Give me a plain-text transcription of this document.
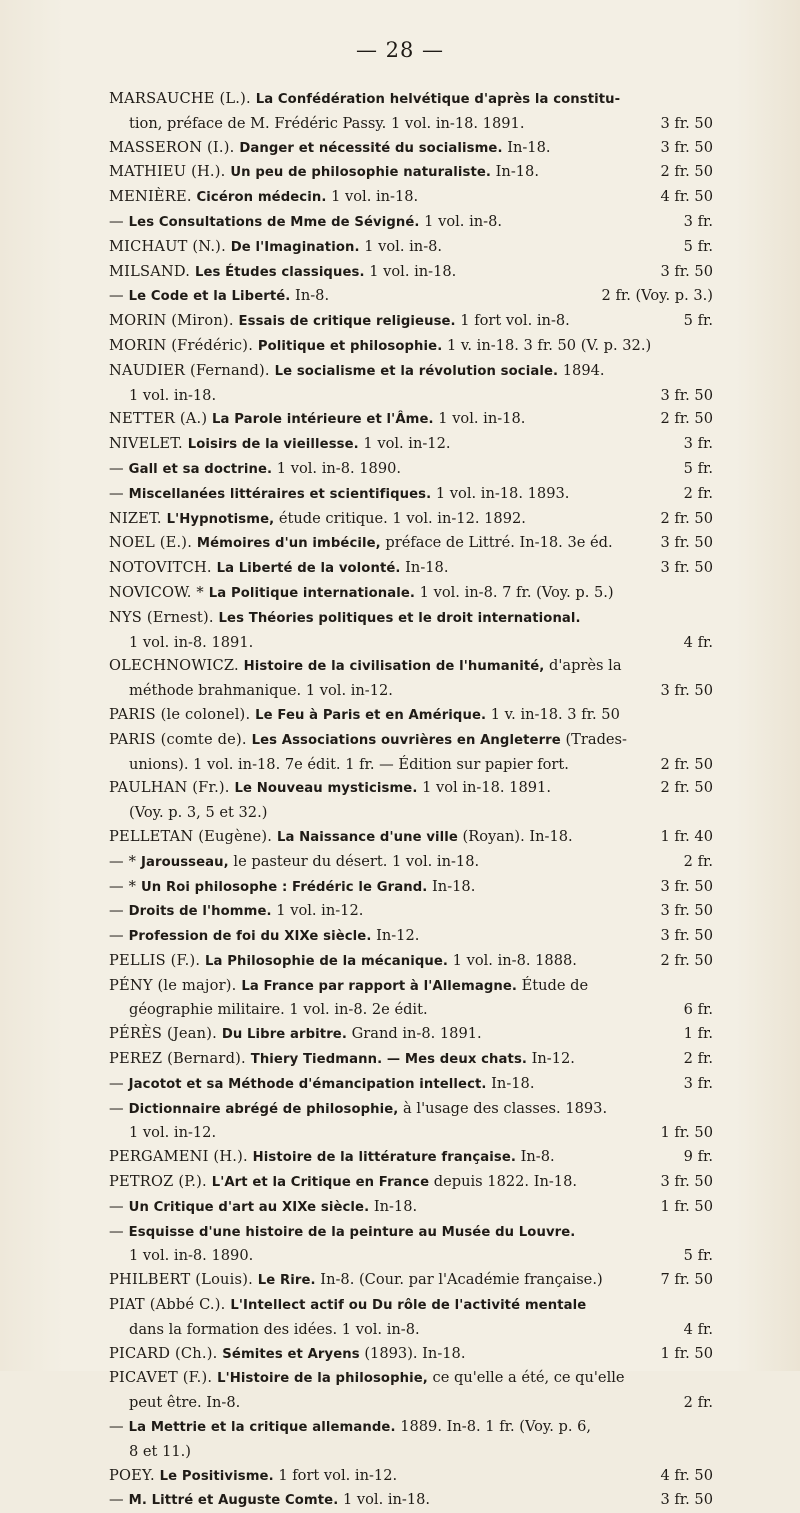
— 28 —
MARSAUCHE (L.). La Confédération helvétique d'après la constitu-
tion, préface de M. Frédéric Passy. 1 vol. in-18. 1891.	3 fr. 50
MASSERON (I.). Danger et nécessité du socialisme. In-18.	3 fr. 50
MATHIEU (H.). Un peu de philosophie naturaliste. In-18.	2 fr. 50
MENIÈRE. Cicéron médecin. 1 vol. in-18.	4 fr. 50
— Les Consultations de Mme de Sévigné. 1 vol. in-8.	3 fr.
MICHAUT (N.). De l'Imagination. 1 vol. in-8.	5 fr.
MILSAND. Les Études classiques. 1 vol. in-18.	3 fr. 50
— Le Code et la Liberté. In-8.	2 fr. (Voy. p. 3.)
MORIN (Miron). Essais de critique religieuse. 1 fort vol. in-8.	5 fr.
MORIN (Frédéric). Politique et philosophie. 1 v. in-18. 3 fr. 50 (V. p. 32.)
NAUDIER (Fernand). Le socialisme et la révolution sociale. 1894.
1 vol. in-18.	3 fr. 50
NETTER (A.) La Parole intérieure et l'Âme. 1 vol. in-18.	2 fr. 50
NIVELET. Loisirs de la vieillesse. 1 vol. in-12.	3 fr.
— Gall et sa doctrine. 1 vol. in-8. 1890.	5 fr.
— Miscellanées littéraires et scientifiques. 1 vol. in-18. 1893.	2 fr.
NIZET. L'Hypnotisme, étude critique. 1 vol. in-12. 1892.	2 fr. 50
NOEL (E.). Mémoires d'un imbécile, préface de Littré. In-18. 3e éd.	3 fr. 50
NOTOVITCH. La Liberté de la volonté. In-18.	3 fr. 50
NOVICOW. * La Politique internationale. 1 vol. in-8. 7 fr. (Voy. p. 5.)
NYS (Ernest). Les Théories politiques et le droit international.
1 vol. in-8. 1891.	4 fr.
OLECHNOWICZ. Histoire de la civilisation de l'humanité, d'après la
méthode brahmanique. 1 vol. in-12.	3 fr. 50
PARIS (le colonel). Le Feu à Paris et en Amérique. 1 v. in-18. 3 fr. 50
PARIS (comte de). Les Associations ouvrières en Angleterre (Trades-
unions). 1 vol. in-18. 7e édit. 1 fr. — Édition sur papier fort.	2 fr. 50
PAULHAN (Fr.). Le Nouveau mysticisme. 1 vol in-18. 1891.	2 fr. 50
(Voy. p. 3, 5 et 32.)
PELLETAN (Eugène). La Naissance d'une ville (Royan). In-18.	1 fr. 40
— * Jarousseau, le pasteur du désert. 1 vol. in-18.	2 fr.
— * Un Roi philosophe : Frédéric le Grand. In-18.	3 fr. 50
— Droits de l'homme. 1 vol. in-12.	3 fr. 50
— Profession de foi du XIXe siècle. In-12.	3 fr. 50
PELLIS (F.). La Philosophie de la mécanique. 1 vol. in-8. 1888.	2 fr. 50
PÉNY (le major). La France par rapport à l'Allemagne. Étude de
géographie militaire. 1 vol. in-8. 2e édit.	6 fr.
PÉRÈS (Jean). Du Libre arbitre. Grand in-8. 1891.	1 fr.
PEREZ (Bernard). Thiery Tiedmann. — Mes deux chats. In-12.	2 fr.
— Jacotot et sa Méthode d'émancipation intellect. In-18.	3 fr.
— Dictionnaire abrégé de philosophie, à l'usage des classes. 1893.
1 vol. in-12.	1 fr. 50
PERGAMENI (H.). Histoire de la littérature française. In-8.	9 fr.
PETROZ (P.). L'Art et la Critique en France depuis 1822. In-18.	3 fr. 50
— Un Critique d'art au XIXe siècle. In-18.	1 fr. 50
— Esquisse d'une histoire de la peinture au Musée du Louvre.
1 vol. in-8. 1890.	5 fr.
PHILBERT (Louis). Le Rire. In-8. (Cour. par l'Académie française.)	7 fr. 50
PIAT (Abbé C.). L'Intellect actif ou Du rôle de l'activité mentale
dans la formation des idées. 1 vol. in-8.	4 fr.
PICARD (Ch.). Sémites et Aryens (1893). In-18.	1 fr. 50
PICAVET (F.). L'Histoire de la philosophie, ce qu'elle a été, ce qu'elle
peut être. In-8.	2 fr.
— La Mettrie et la critique allemande. 1889. In-8. 1 fr. (Voy. p. 6,
8 et 11.)
POEY. Le Positivisme. 1 fort vol. in-12.	4 fr. 50
— M. Littré et Auguste Comte. 1 vol. in-18.	3 fr. 50
